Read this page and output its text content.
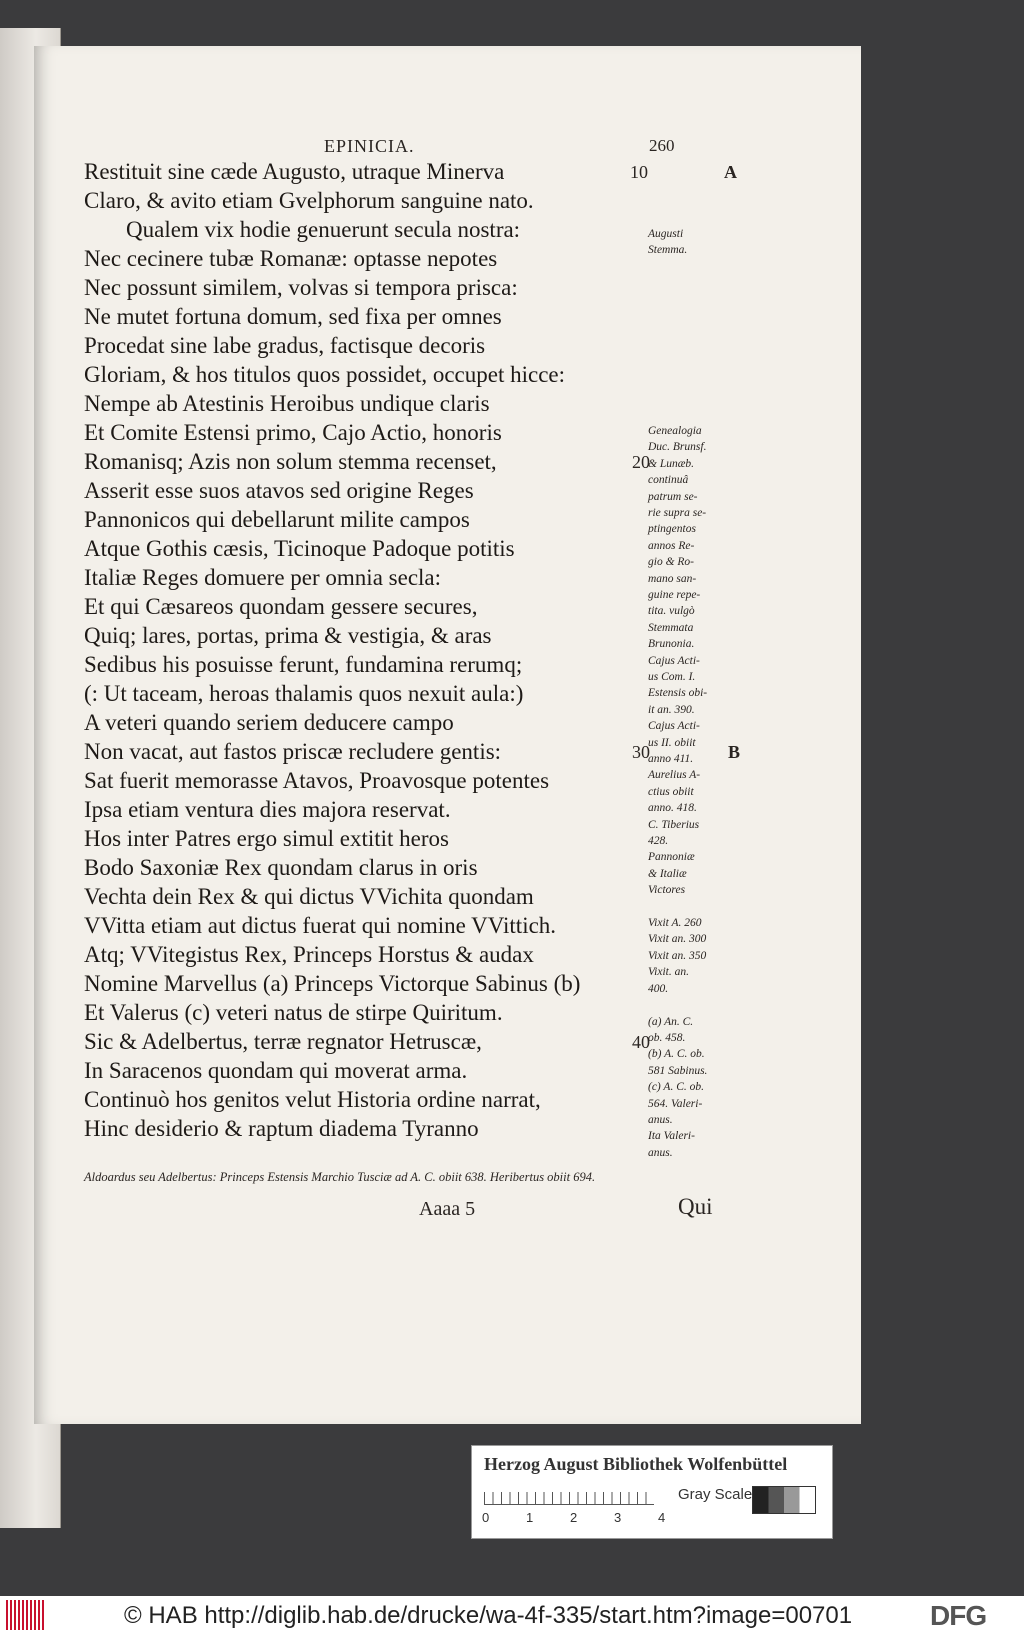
EPINICIA.	260
Restituit sine cæde Augusto, utraque Minerva
Claro, & avito etiam Gvelphorum sanguine nato.
Qualem vix hodie genuerunt secula nostra:
Nec cecinere tubæ Romanæ: optasse nepotes
Nec possunt similem, volvas si tempora prisca:
Ne mutet fortuna domum, sed fixa per omnes
Procedat sine labe gradus, factisque decoris
Gloriam, & hos titulos quos possidet, occupet hicce:
Nempe ab Atestinis Heroibus undique claris
Et Comite Estensi primo, Cajo Actio, honoris
Romanisq; Azis non solum stemma recenset,
Asserit esse suos atavos sed origine Reges
Pannonicos qui debellarunt milite campos
Atque Gothis cæsis, Ticinoque Padoque potitis
Italiæ Reges domuere per omnia secla:
Et qui Cæsareos quondam gessere secures,
Quiq; lares, portas, prima & vestigia, & aras
Sedibus his posuisse ferunt, fundamina rerumq;
(: Ut taceam, heroas thalamis quos nexuit aula:)
A veteri quando seriem deducere campo
Non vacat, aut fastos priscæ recludere gentis:
Sat fuerit memorasse Atavos, Proavosque potentes
Ipsa etiam ventura dies majora reservat.
Hos inter Patres ergo simul extitit heros
Bodo Saxoniæ Rex quondam clarus in oris
Vechta dein Rex & qui dictus VVichita quondam
VVitta etiam aut dictus fuerat qui nomine VVittich.
Atq; VVitegistus Rex, Princeps Horstus & audax
Nomine Marvellus (a) Princeps Victorque Sabinus (b)
Et Valerus (c) veteri natus de stirpe Quiritum.
Sic & Adelbertus, terræ regnator Hetruscæ,
In Saracenos quondam qui moverat arma.
Continuò hos genitos velut Historia ordine narrat,
Hinc desiderio & raptum diadema Tyranno
10
20
30
40
A
B
Augusti
Stemma.
Genealogia
Duc. Brunsf.
& Lunæb.
continuâ
patrum se-
rie supra se-
ptingentos
annos Re-
gio & Ro-
mano san-
guine repe-
tita. vulgò
Stemmata
Brunonia.
Cajus Acti-
us Com. I.
Estensis obi-
it an. 390.
Cajus Acti-
us II. obiit
anno 411.
Aurelius A-
ctius obiit
anno. 418.
C. Tiberius
428.
Pannoniæ
& Italiæ
Victores
Vixit A. 260
Vixit an. 300
Vixit an. 350
Vixit. an.
400.
(a) An. C.
ob. 458.
(b) A. C. ob.
581 Sabinus.
(c) A. C. ob.
564. Valeri-
anus.
Ita Valeri-
anus.
Aldoardus seu Adelbertus: Princeps Estensis Marchio Tusciæ ad A. C. obiit 638. Heribertus obiit 694.
Aaaa 5	Qui
Herzog August Bibliothek Wolfenbüttel
0	1	2	3	4
Gray Scale
© HAB http://diglib.hab.de/drucke/wa-4f-335/start.htm?image=00701	DFG
